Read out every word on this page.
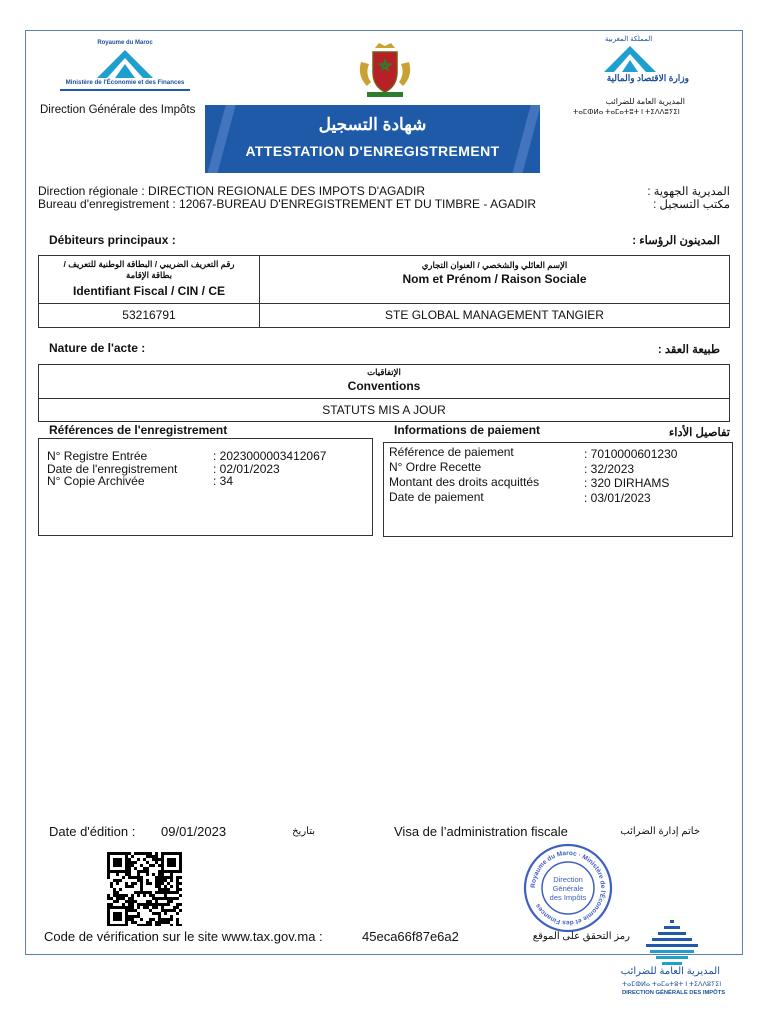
Royaume du Maroc
Ministère de l'Économie et des Finances
Direction Générale des Impôts
المملكة المغربية
وزارة الاقتصاد والمالية
المديرية العامة للضرائب
ⵜⴰⵎⵀⵍⴰ ⵜⴰⵎⴰⵜⵓⵜ ⵏ ⵜⵉⴷⴷⵓⵢⵉⵏ
شهادة التسجيل
ATTESTATION D'ENREGISTREMENT
Direction régionale : DIRECTION REGIONALE DES IMPOTS D'AGADIR
Bureau d'enregistrement : 12067-BUREAU D'ENREGISTREMENT ET DU TIMBRE - AGADIR
المديرية الجهوية :
مكتب التسجيل :
Débiteurs principaux :	المدينون الرؤساء :
رقم التعريف الضريبي / البطاقة الوطنية للتعريف / بطاقة الإقامة
Identifiant Fiscal / CIN / CE
الإسم العائلي والشخصي / العنوان التجاري
Nom et Prénom / Raison Sociale
53216791	STE GLOBAL MANAGEMENT TANGIER
Nature de l'acte :	طبيعة العقد :
الإتفاقيات
Conventions
STATUTS MIS A JOUR
Références de l'enregistrement
N° Registre Entrée	: 2023000003412067
Date de l'enregistrement	: 02/01/2023
N° Copie Archivée	: 34
Informations de paiement	تفاصيل الأداء
Référence de paiement	: 7010000601230
N° Ordre Recette	: 32/2023
Montant des droits acquittés	: 320 DIRHAMS
Date de paiement	: 03/01/2023
Date d'édition : 09/01/2023	بتاريخ	Visa de l’administration fiscale	خاتم إدارة الضرائب
Royaume du Maroc · Ministère de l'Économie et des Finances
Direction
Générale
des Impôts
Code de vérification sur le site www.tax.gov.ma :	45eca66f87e6a2	رمز التحقق على الموقع
المديرية العامة للضرائب
ⵜⴰⵎⵀⵍⴰ ⵜⴰⵎⴰⵜⵓⵜ ⵏ ⵜⵉⴷⴷⵓⵢⵉⵏ
DIRECTION GÉNÉRALE DES IMPÔTS
